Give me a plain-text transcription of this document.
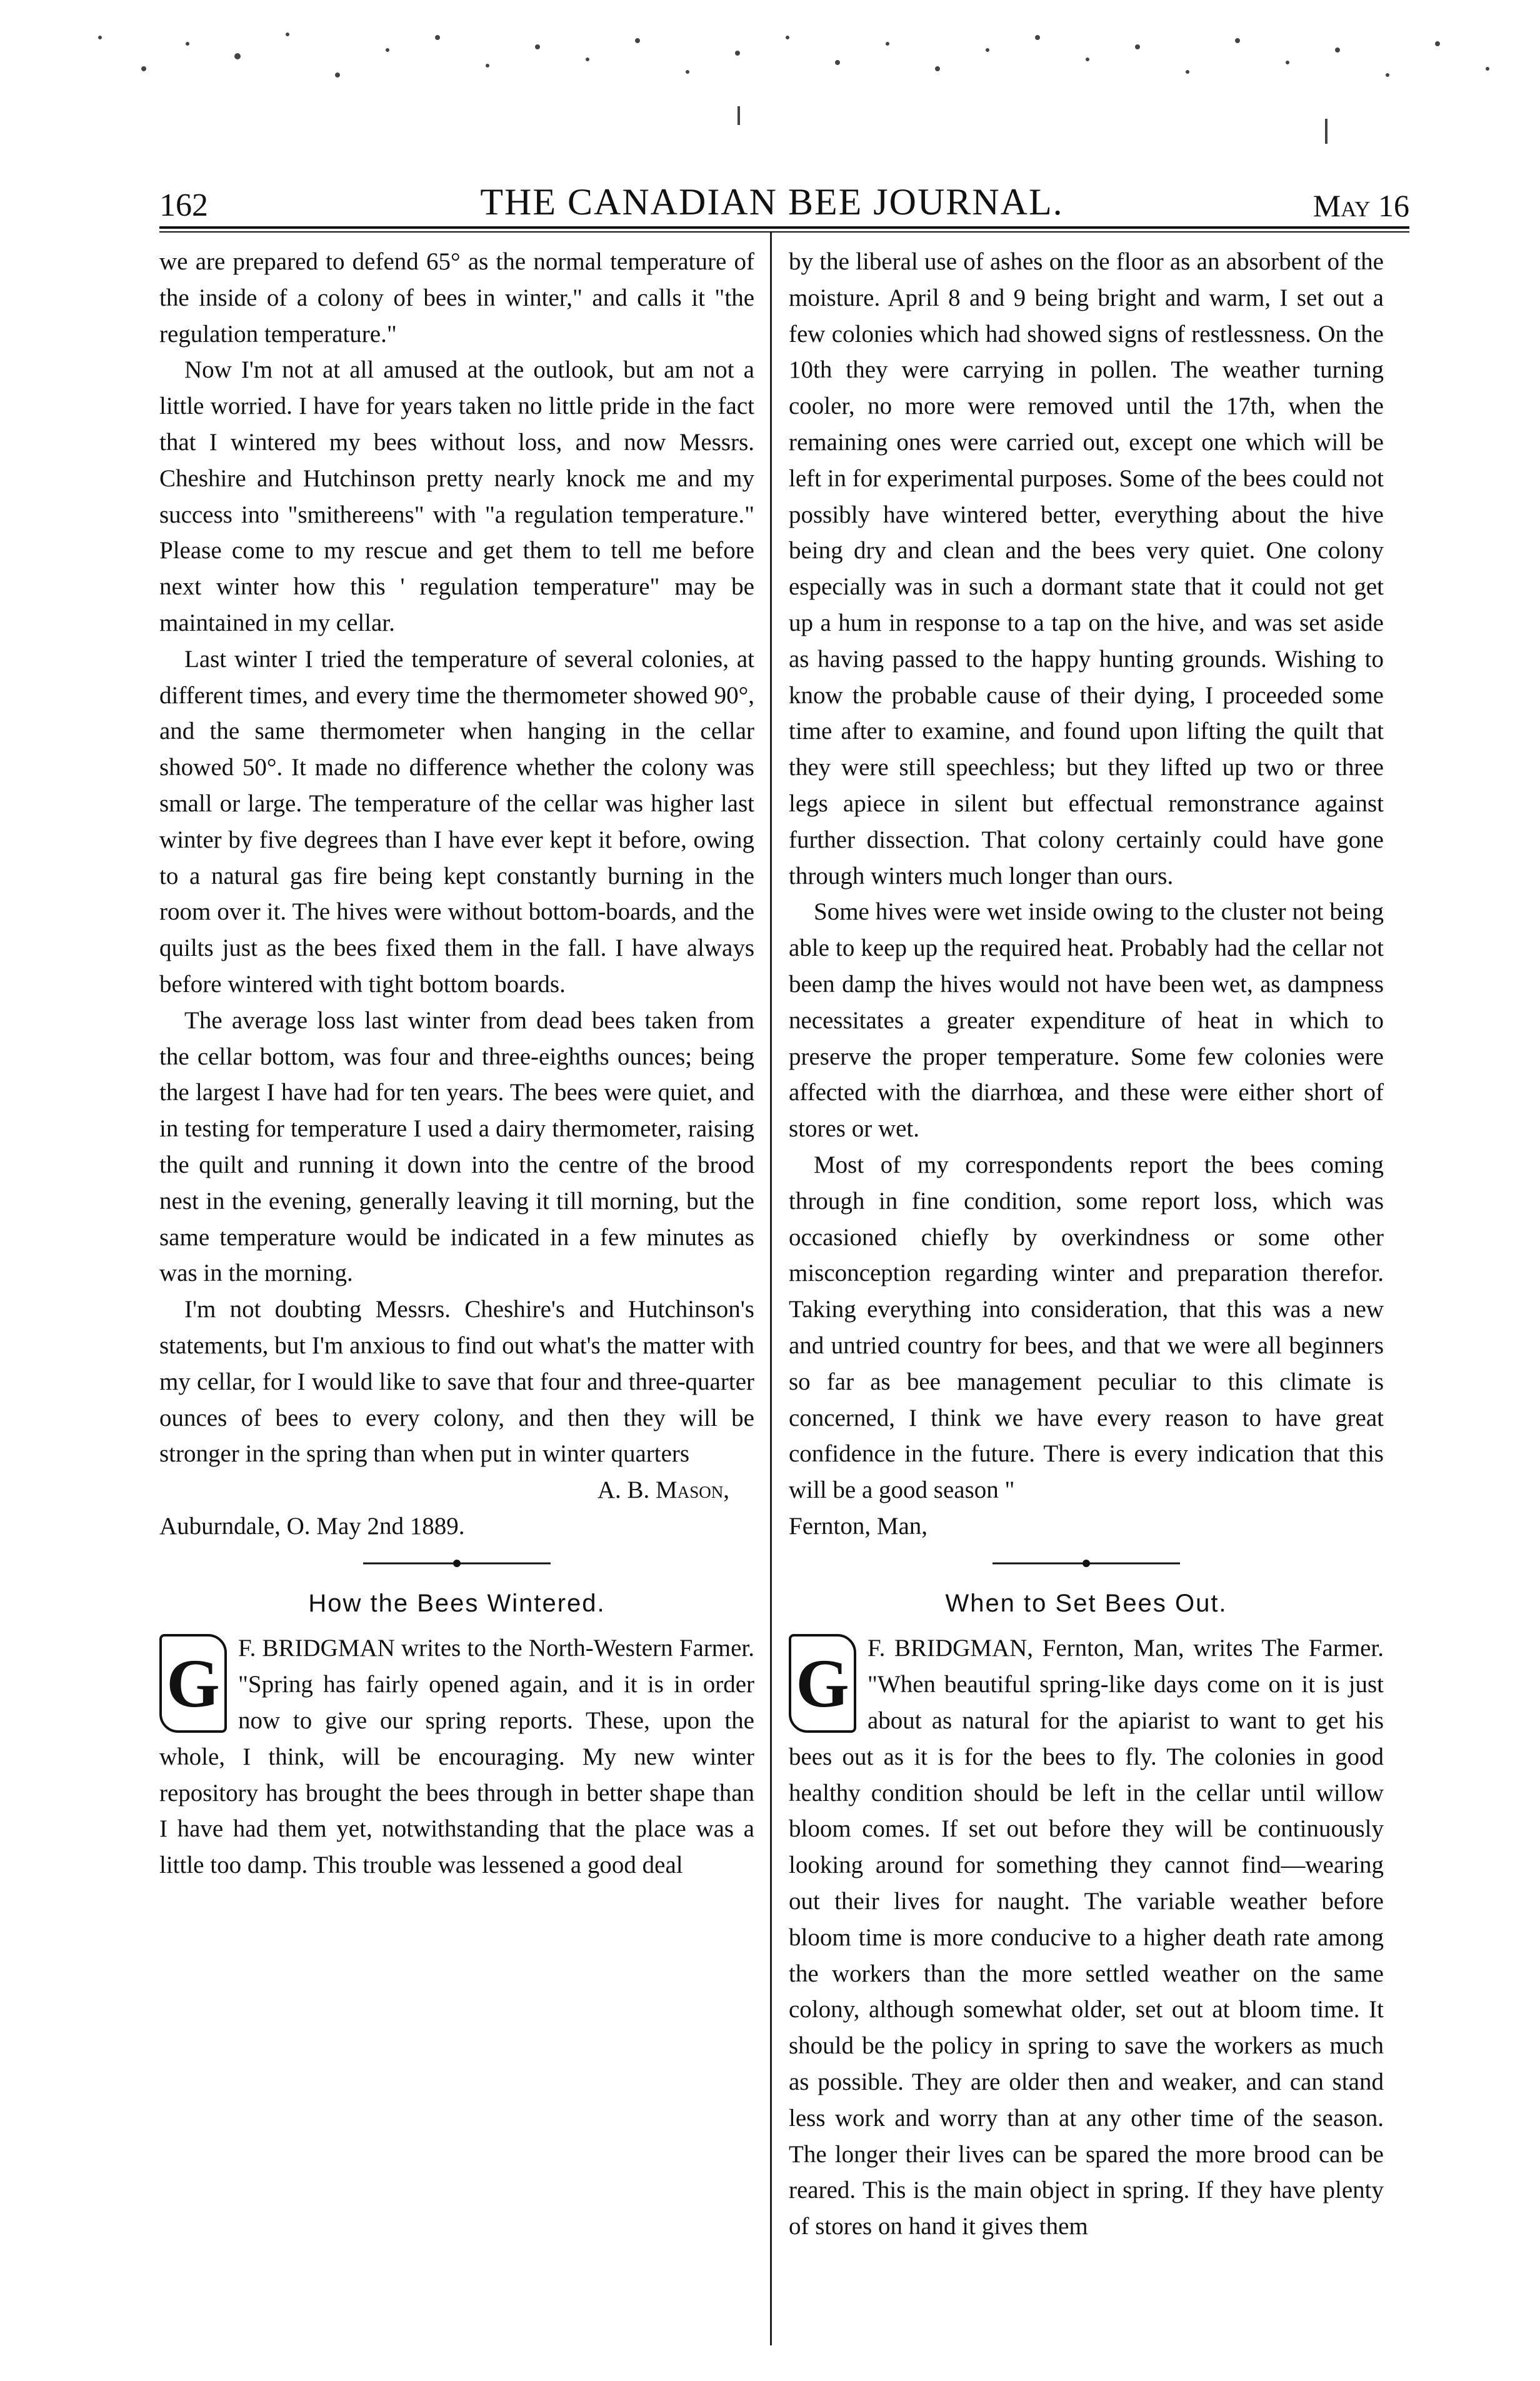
162	THE CANADIAN BEE JOURNAL.	May 16

we are prepared to defend 65° as the normal temperature of the inside of a colony of bees in winter," and calls it "the regulation temperature."

Now I'm not at all amused at the outlook, but am not a little worried. I have for years taken no little pride in the fact that I wintered my bees without loss, and now Messrs. Cheshire and Hutchinson pretty nearly knock me and my success into "smithereens" with "a regulation temperature." Please come to my rescue and get them to tell me before next winter how this ' regulation temperature" may be maintained in my cellar.

Last winter I tried the temperature of several colonies, at different times, and every time the thermometer showed 90°, and the same thermometer when hanging in the cellar showed 50°. It made no difference whether the colony was small or large. The temperature of the cellar was higher last winter by five degrees than I have ever kept it before, owing to a natural gas fire being kept constantly burning in the room over it. The hives were without bottom-boards, and the quilts just as the bees fixed them in the fall. I have always before wintered with tight bottom boards.

The average loss last winter from dead bees taken from the cellar bottom, was four and three-eighths ounces; being the largest I have had for ten years. The bees were quiet, and in testing for temperature I used a dairy thermometer, raising the quilt and running it down into the centre of the brood nest in the evening, generally leaving it till morning, but the same temperature would be indicated in a few minutes as was in the morning.

I'm not doubting Messrs. Cheshire's and Hutchinson's statements, but I'm anxious to find out what's the matter with my cellar, for I would like to save that four and three-quarter ounces of bees to every colony, and then they will be stronger in the spring than when put in winter quarters

A. B. Mason,

Auburndale, O. May 2nd 1889.

How the Bees Wintered.
G F. BRIDGMAN writes to the North-Western Farmer. "Spring has fairly opened again, and it is in order now to give our spring reports. These, upon the whole, I think, will be encouraging. My new winter repository has brought the bees through in better shape than I have had them yet, notwithstanding that the place was a little too damp. This trouble was lessened a good deal

by the liberal use of ashes on the floor as an absorbent of the moisture. April 8 and 9 being bright and warm, I set out a few colonies which had showed signs of restlessness. On the 10th they were carrying in pollen. The weather turning cooler, no more were removed until the 17th, when the remaining ones were carried out, except one which will be left in for experimental purposes. Some of the bees could not possibly have wintered better, everything about the hive being dry and clean and the bees very quiet. One colony especially was in such a dormant state that it could not get up a hum in response to a tap on the hive, and was set aside as having passed to the happy hunting grounds. Wishing to know the probable cause of their dying, I proceeded some time after to examine, and found upon lifting the quilt that they were still speechless; but they lifted up two or three legs apiece in silent but effectual remonstrance against further dissection. That colony certainly could have gone through winters much longer than ours.

Some hives were wet inside owing to the cluster not being able to keep up the required heat. Probably had the cellar not been damp the hives would not have been wet, as dampness necessitates a greater expenditure of heat in which to preserve the proper temperature. Some few colonies were affected with the diarrhœa, and these were either short of stores or wet.

Most of my correspondents report the bees coming through in fine condition, some report loss, which was occasioned chiefly by overkindness or some other misconception regarding winter and preparation therefor. Taking everything into consideration, that this was a new and untried country for bees, and that we were all beginners so far as bee management peculiar to this climate is concerned, I think we have every reason to have great confidence in the future. There is every indication that this will be a good season "

Fernton, Man,

When to Set Bees Out.
G F. BRIDGMAN, Fernton, Man, writes The Farmer. "When beautiful spring-like days come on it is just about as natural for the apiarist to want to get his bees out as it is for the bees to fly. The colonies in good healthy condition should be left in the cellar until willow bloom comes. If set out before they will be continuously looking around for something they cannot find—wearing out their lives for naught. The variable weather before bloom time is more conducive to a higher death rate among the workers than the more settled weather on the same colony, although somewhat older, set out at bloom time. It should be the policy in spring to save the workers as much as possible. They are older then and weaker, and can stand less work and worry than at any other time of the season. The longer their lives can be spared the more brood can be reared. This is the main object in spring. If they have plenty of stores on hand it gives them
